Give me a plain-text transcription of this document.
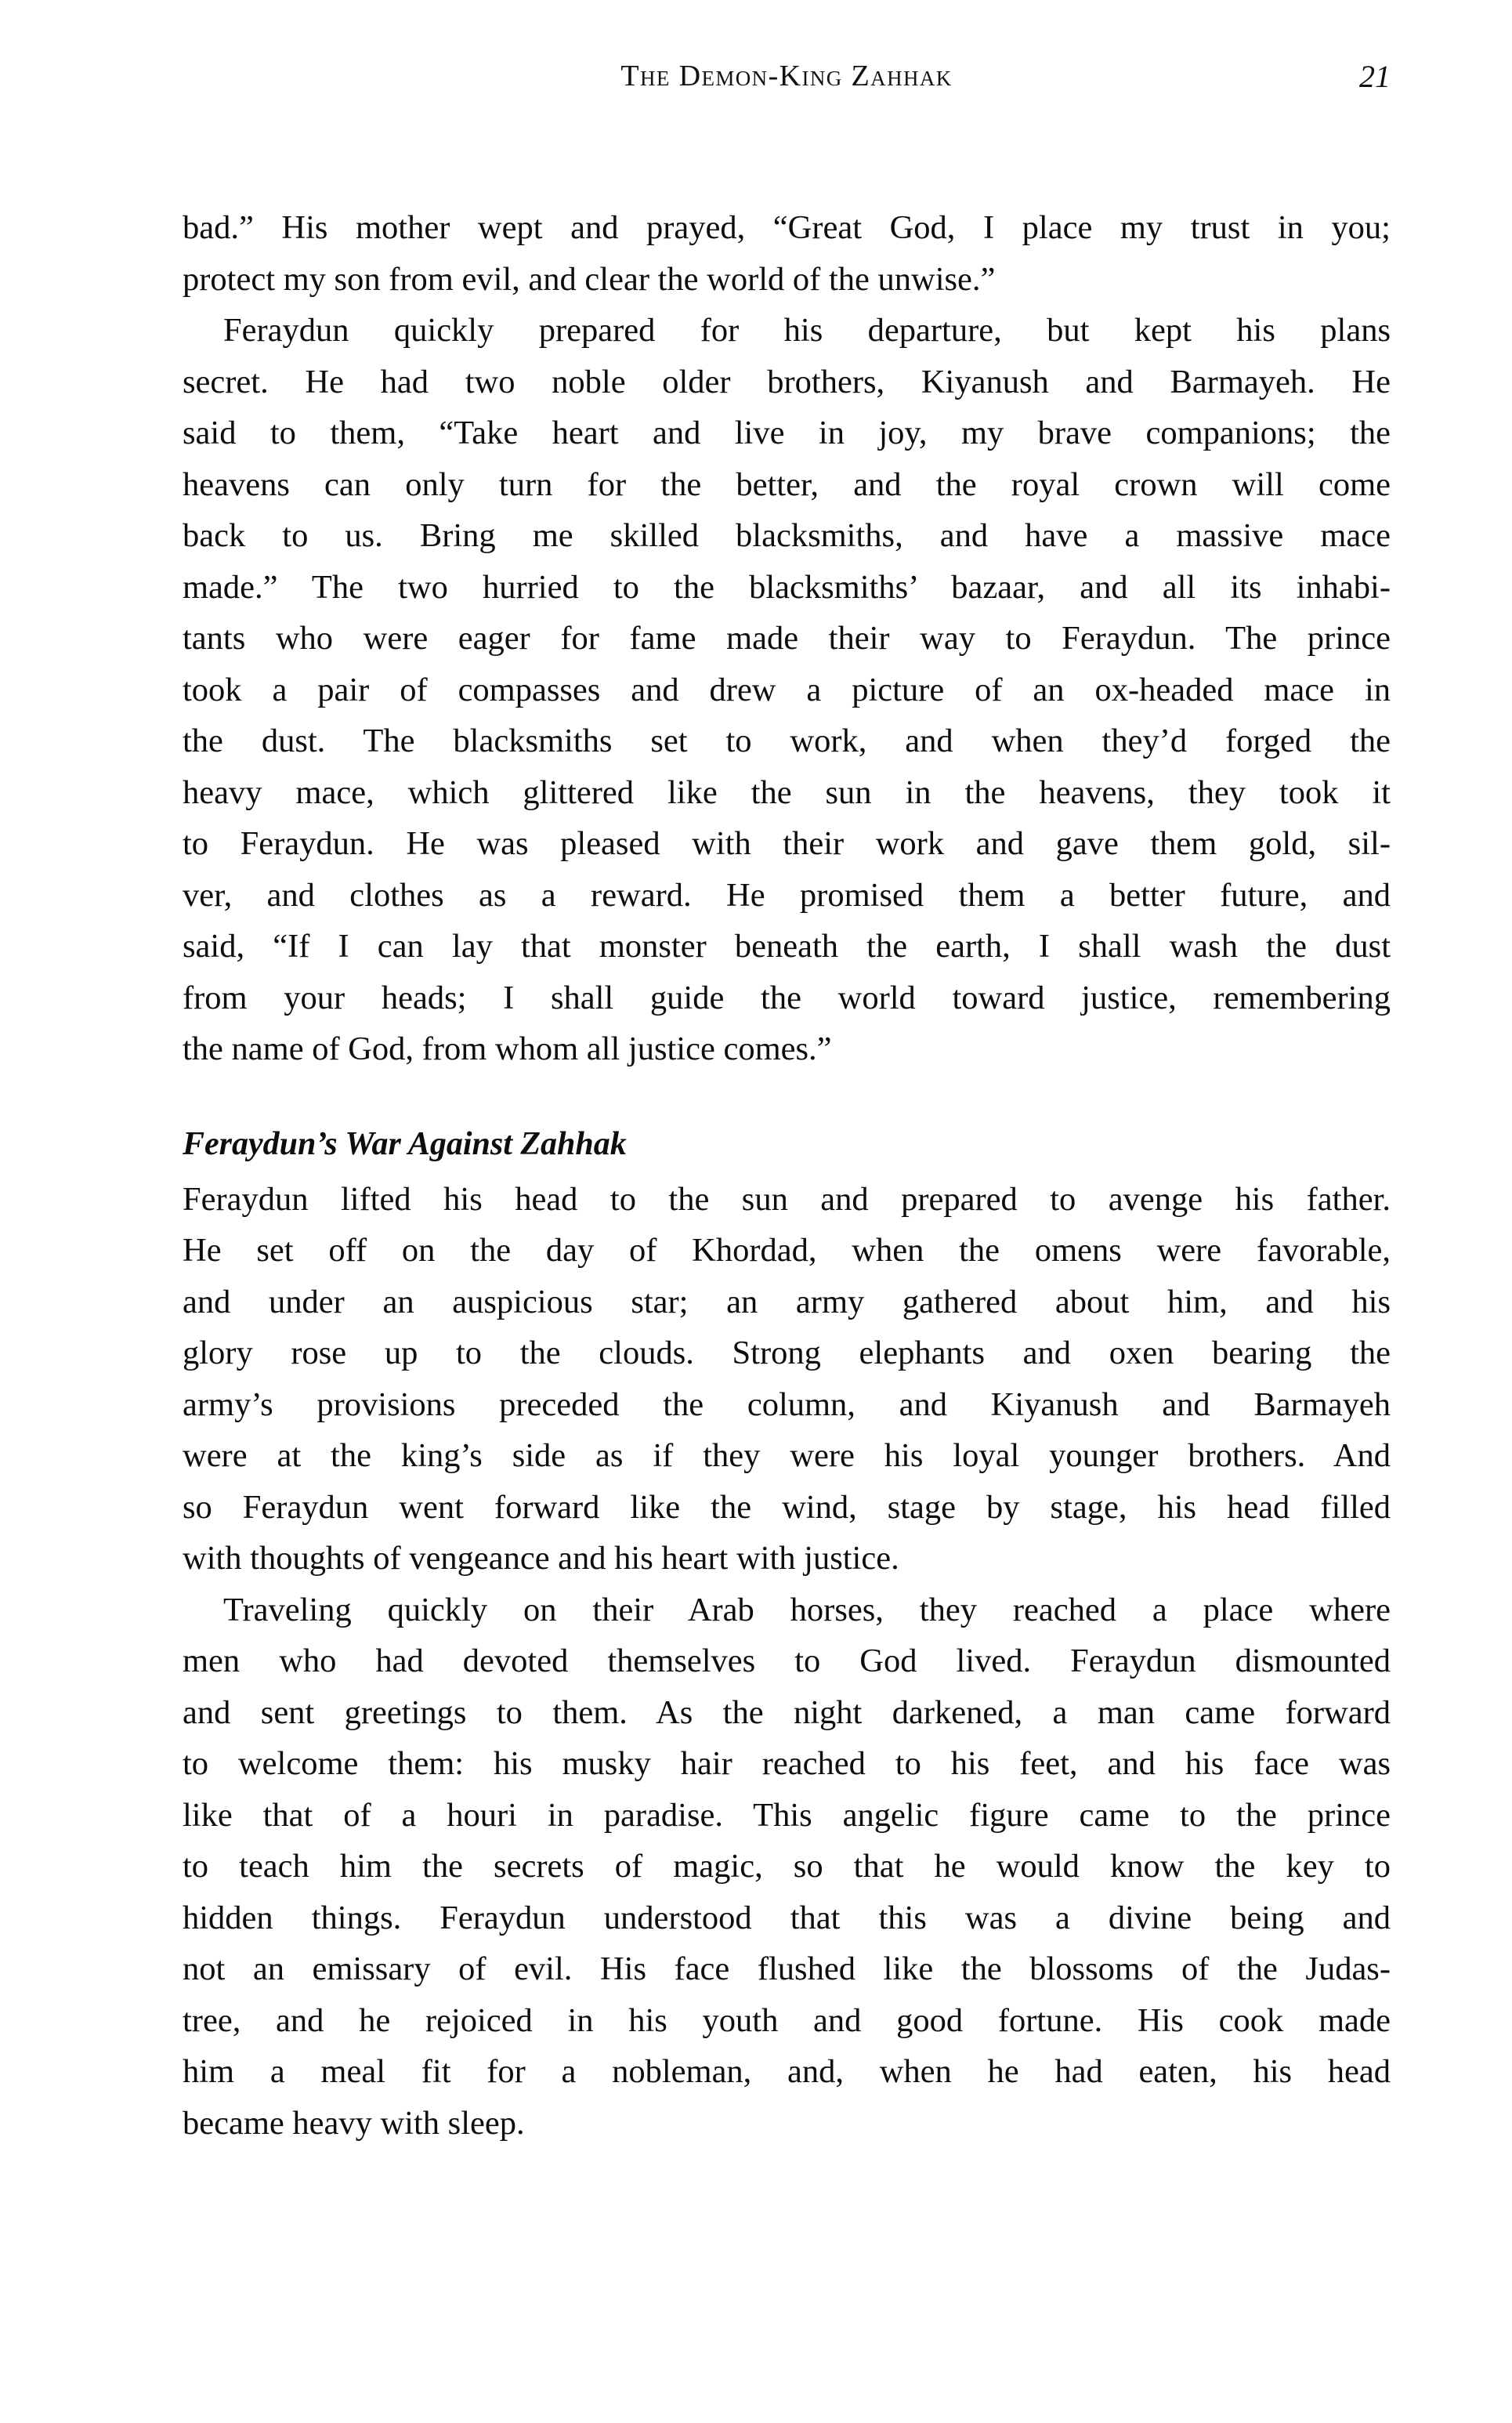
The Demon-King Zahhak	21

bad.” His mother wept and prayed, “Great God, I place my trust in you;
protect my son from evil, and clear the world of the unwise.”

Feraydun quickly prepared for his departure, but kept his plans
secret. He had two noble older brothers, Kiyanush and Barmayeh. He
said to them, “Take heart and live in joy, my brave companions; the
heavens can only turn for the better, and the royal crown will come
back to us. Bring me skilled blacksmiths, and have a massive mace
made.” The two hurried to the blacksmiths’ bazaar, and all its inhabi-
tants who were eager for fame made their way to Feraydun. The prince
took a pair of compasses and drew a picture of an ox-headed mace in
the dust. The blacksmiths set to work, and when they’d forged the
heavy mace, which glittered like the sun in the heavens, they took it
to Feraydun. He was pleased with their work and gave them gold, sil-
ver, and clothes as a reward. He promised them a better future, and
said, “If I can lay that monster beneath the earth, I shall wash the dust
from your heads; I shall guide the world toward justice, remembering
the name of God, from whom all justice comes.”

Feraydun’s War Against Zahhak

Feraydun lifted his head to the sun and prepared to avenge his father.
He set off on the day of Khordad, when the omens were favorable,
and under an auspicious star; an army gathered about him, and his
glory rose up to the clouds. Strong elephants and oxen bearing the
army’s provisions preceded the column, and Kiyanush and Barmayeh
were at the king’s side as if they were his loyal younger brothers. And
so Feraydun went forward like the wind, stage by stage, his head filled
with thoughts of vengeance and his heart with justice.

Traveling quickly on their Arab horses, they reached a place where
men who had devoted themselves to God lived. Feraydun dismounted
and sent greetings to them. As the night darkened, a man came forward
to welcome them: his musky hair reached to his feet, and his face was
like that of a houri in paradise. This angelic figure came to the prince
to teach him the secrets of magic, so that he would know the key to
hidden things. Feraydun understood that this was a divine being and
not an emissary of evil. His face flushed like the blossoms of the Judas-
tree, and he rejoiced in his youth and good fortune. His cook made
him a meal fit for a nobleman, and, when he had eaten, his head
became heavy with sleep.
